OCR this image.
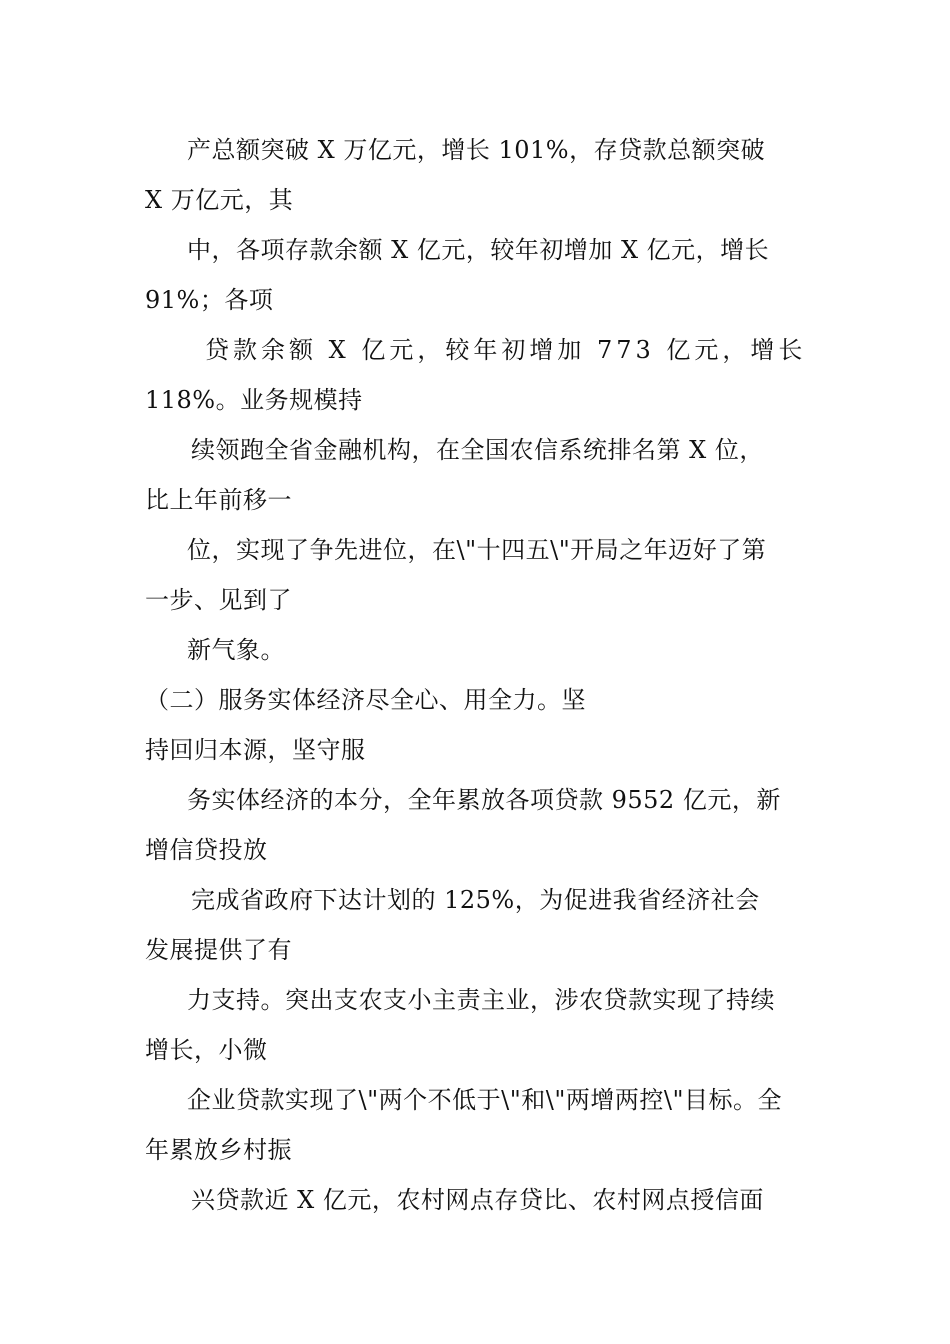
产总额突破 X 万亿元，增长 101%，存贷款总额突破
X 万亿元，其

中，各项存款余额 X 亿元，较年初增加 X 亿元，增长
91%；各项

贷款余额 X 亿元，较年初增加 773 亿元，增长
118%。业务规模持

续领跑全省金融机构，在全国农信系统排名第 X 位，
比上年前移一

位，实现了争先进位，在\"十四五\"开局之年迈好了第
一步、见到了

新气象。

（二）服务实体经济尽全心、用全力。坚
持回归本源，坚守服

务实体经济的本分，全年累放各项贷款 9552 亿元，新
增信贷投放

完成省政府下达计划的 125%，为促进我省经济社会
发展提供了有

力支持。突出支农支小主责主业，涉农贷款实现了持续
增长，小微

企业贷款实现了\"两个不低于\"和\"两增两控\"目标。全
年累放乡村振

兴贷款近 X 亿元，农村网点存贷比、农村网点授信面
